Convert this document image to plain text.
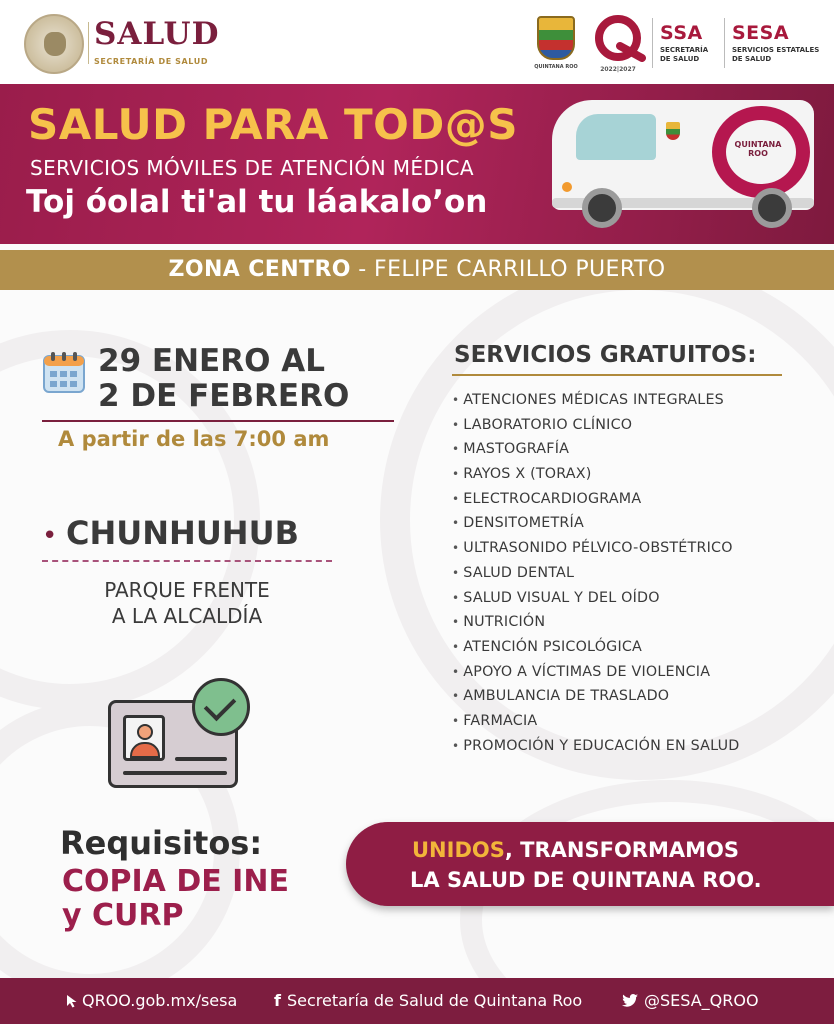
SALUD
SECRETARÍA DE SALUD
QUINTANA ROO	2022|2027
SSA
SECRETARÍA
DE SALUD
SESA
SERVICIOS ESTATALES
DE SALUD
SALUD PARA TOD@S
SERVICIOS MÓVILES DE ATENCIÓN MÉDICA
Toj óolal ti'al tu láakalo’on
QUINTANA
ROO
ZONA CENTRO - FELIPE CARRILLO PUERTO
29 ENERO AL
2 DE FEBRERO
A partir de las 7:00 am
• CHUNHUHUB
PARQUE FRENTE
A LA ALCALDÍA
Requisitos:
COPIA DE INE
y CURP
SERVICIOS GRATUITOS:
• ATENCIONES MÉDICAS INTEGRALES
• LABORATORIO CLÍNICO
• MASTOGRAFÍA
• RAYOS X (TORAX)
• ELECTROCARDIOGRAMA
• DENSITOMETRÍA
• ULTRASONIDO PÉLVICO-OBSTÉTRICO
• SALUD DENTAL
• SALUD VISUAL Y DEL OÍDO
• NUTRICIÓN
• ATENCIÓN PSICOLÓGICA
• APOYO A VÍCTIMAS DE VIOLENCIA
• AMBULANCIA DE TRASLADO
• FARMACIA
• PROMOCIÓN Y EDUCACIÓN EN SALUD
UNIDOS, TRANSFORMAMOS
LA SALUD DE QUINTANA ROO.
QROO.gob.mx/sesa f Secretaría de Salud de Quintana Roo	@SESA_QROO
